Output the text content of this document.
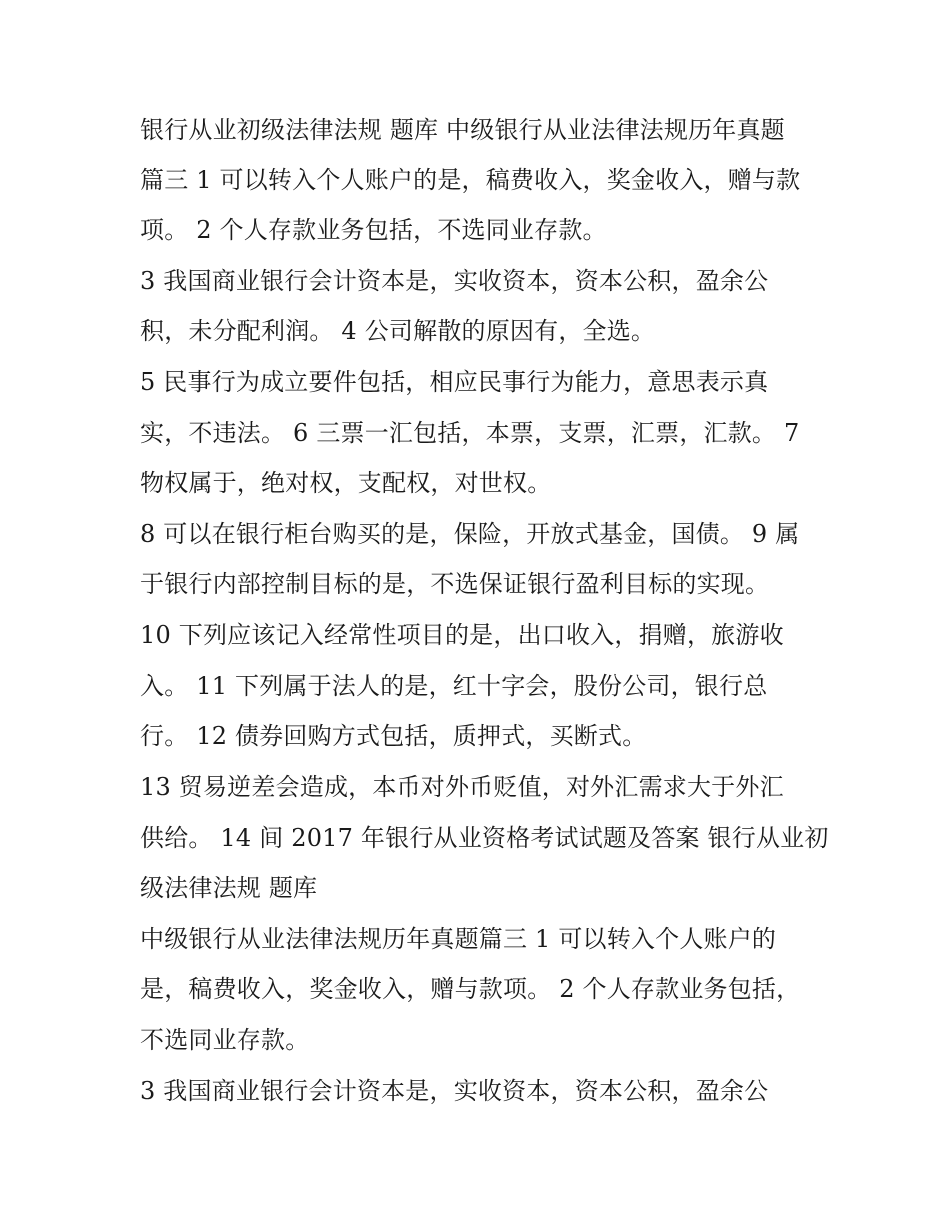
银行从业初级法律法规 题库 中级银行从业法律法规历年真题
篇三 1 可以转入个人账户的是，稿费收入，奖金收入，赠与款
项。 2 个人存款业务包括，不选同业存款。
3 我国商业银行会计资本是，实收资本，资本公积，盈余公
积，未分配利润。 4 公司解散的原因有，全选。
5 民事行为成立要件包括，相应民事行为能力，意思表示真
实，不违法。 6 三票一汇包括，本票，支票，汇票，汇款。 7
物权属于，绝对权，支配权，对世权。
8 可以在银行柜台购买的是，保险，开放式基金，国债。 9 属
于银行内部控制目标的是，不选保证银行盈利目标的实现。
10 下列应该记入经常性项目的是，出口收入，捐赠，旅游收
入。 11 下列属于法人的是，红十字会，股份公司，银行总
行。 12 债券回购方式包括，质押式，买断式。
13 贸易逆差会造成，本币对外币贬值，对外汇需求大于外汇
供给。 14 间 2017 年银行从业资格考试试题及答案 银行从业初
级法律法规 题库
中级银行从业法律法规历年真题篇三 1 可以转入个人账户的
是，稿费收入，奖金收入，赠与款项。 2 个人存款业务包括，
不选同业存款。
3 我国商业银行会计资本是，实收资本，资本公积，盈余公
